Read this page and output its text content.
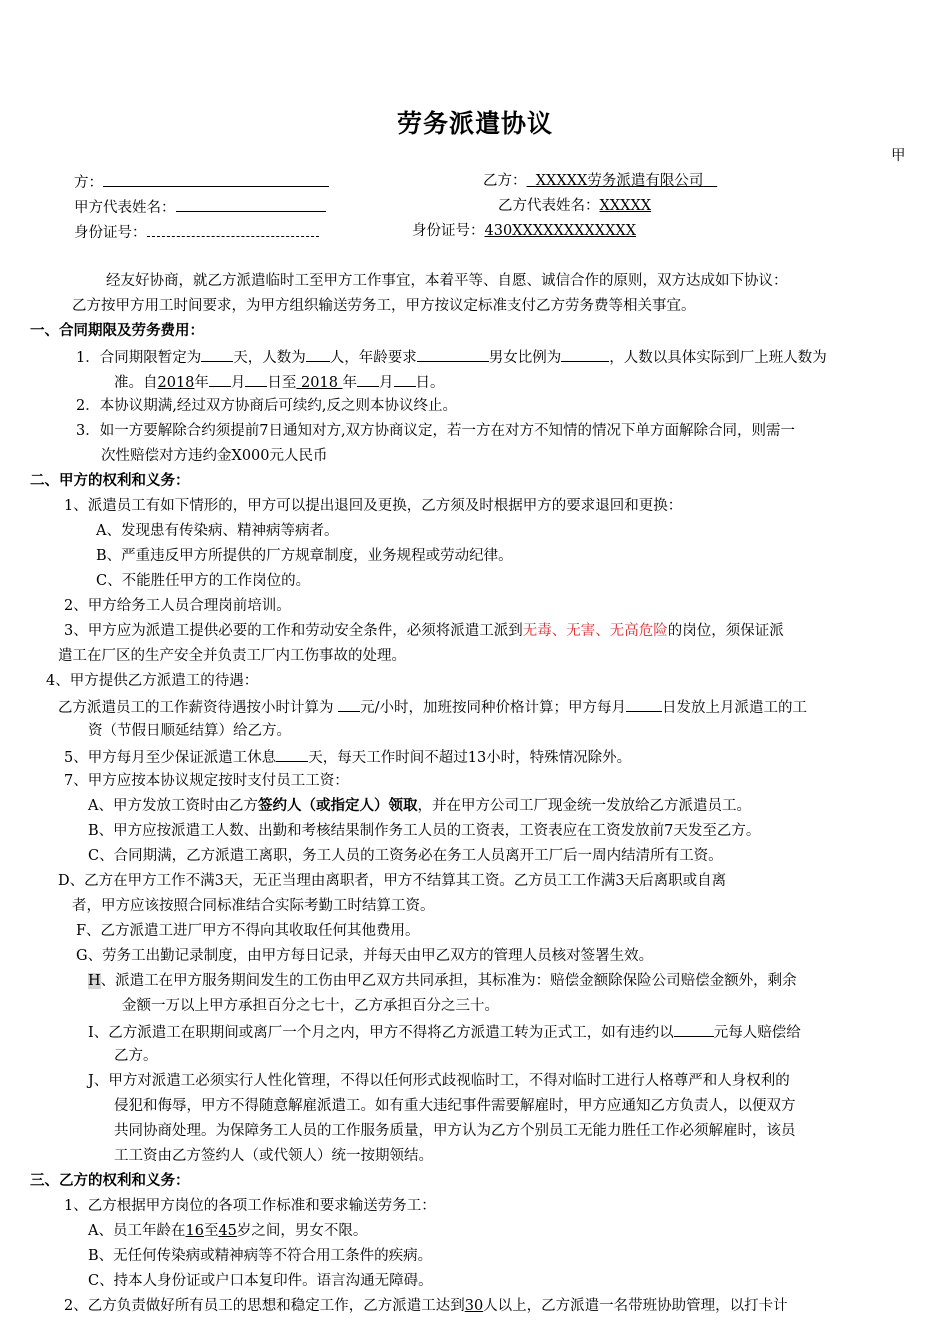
劳务派遣协议
甲
方：	乙方： XXXXX劳务派遣有限公司
甲方代表姓名：	乙方代表姓名：XXXXX
身份证号：	身份证号：430XXXXXXXXXXXX
经友好协商，就乙方派遣临时工至甲方工作事宜，本着平等、自愿、诚信合作的原则，双方达成如下协议：
乙方按甲方用工时间要求，为甲方组织输送劳务工，甲方按议定标准支付乙方劳务费等相关事宜。
一、合同期限及劳务费用：
1．合同期限暂定为 天，人数为 人，年龄要求	男女比例为	，人数以具体实际到厂上班人数为
准。自2018年 月 日至 2018 年 月 日。
2．本协议期满,经过双方协商后可续约,反之则本协议终止。
3．如一方要解除合约须提前7日通知对方,双方协商议定，若一方在对方不知情的情况下单方面解除合同，则需一
次性赔偿对方违约金X000元人民币
二、甲方的权利和义务：
1、派遣员工有如下情形的，甲方可以提出退回及更换，乙方须及时根据甲方的要求退回和更换：
A、发现患有传染病、精神病等病者。
B、严重违反甲方所提供的厂方规章制度，业务规程或劳动纪律。
C、不能胜任甲方的工作岗位的。
2、甲方给务工人员合理岗前培训。
3、甲方应为派遣工提供必要的工作和劳动安全条件，必须将派遣工派到无毒、无害、无高危险的岗位，须保证派
遣工在厂区的生产安全并负责工厂内工伤事故的处理。
4、甲方提供乙方派遣工的待遇：
乙方派遣员工的工作薪资待遇按小时计算为 元/小时，加班按同种价格计算；甲方每月 日发放上月派遣工的工
资（节假日顺延结算）给乙方。
5、甲方每月至少保证派遣工休息 天，每天工作时间不超过13小时，特殊情况除外。
7、甲方应按本协议规定按时支付员工工资：
A、甲方发放工资时由乙方签约人（或指定人）领取，并在甲方公司工厂现金统一发放给乙方派遣员工。
B、甲方应按派遣工人数、出勤和考核结果制作务工人员的工资表，工资表应在工资发放前7天发至乙方。
C、合同期满，乙方派遣工离职，务工人员的工资务必在务工人员离开工厂后一周内结清所有工资。
D、乙方在甲方工作不满3天，无正当理由离职者，甲方不结算其工资。乙方员工工作满3天后离职或自离
者，甲方应该按照合同标准结合实际考勤工时结算工资。
F、乙方派遣工进厂甲方不得向其收取任何其他费用。
G、劳务工出勤记录制度，由甲方每日记录，并每天由甲乙双方的管理人员核对签署生效。
H、派遣工在甲方服务期间发生的工伤由甲乙双方共同承担，其标准为：赔偿金额除保险公司赔偿金额外，剩余
金额一万以上甲方承担百分之七十，乙方承担百分之三十。
I、乙方派遣工在职期间或离厂一个月之内，甲方不得将乙方派遣工转为正式工，如有违约以	元每人赔偿给
乙方。
J、甲方对派遣工必须实行人性化管理，不得以任何形式歧视临时工，不得对临时工进行人格尊严和人身权利的
侵犯和侮辱，甲方不得随意解雇派遣工。如有重大违纪事件需要解雇时，甲方应通知乙方负责人，以便双方
共同协商处理。为保障务工人员的工作服务质量，甲方认为乙方个别员工无能力胜任工作必须解雇时，该员
工工资由乙方签约人（或代领人）统一按期领结。
三、乙方的权利和义务：
1、乙方根据甲方岗位的各项工作标准和要求输送劳务工：
A、员工年龄在16至45岁之间，男女不限。
B、无任何传染病或精神病等不符合用工条件的疾病。
C、持本人身份证或户口本复印件。语言沟通无障碍。
2、乙方负责做好所有员工的思想和稳定工作，乙方派遣工达到30人以上，乙方派遣一名带班协助管理，以打卡计
